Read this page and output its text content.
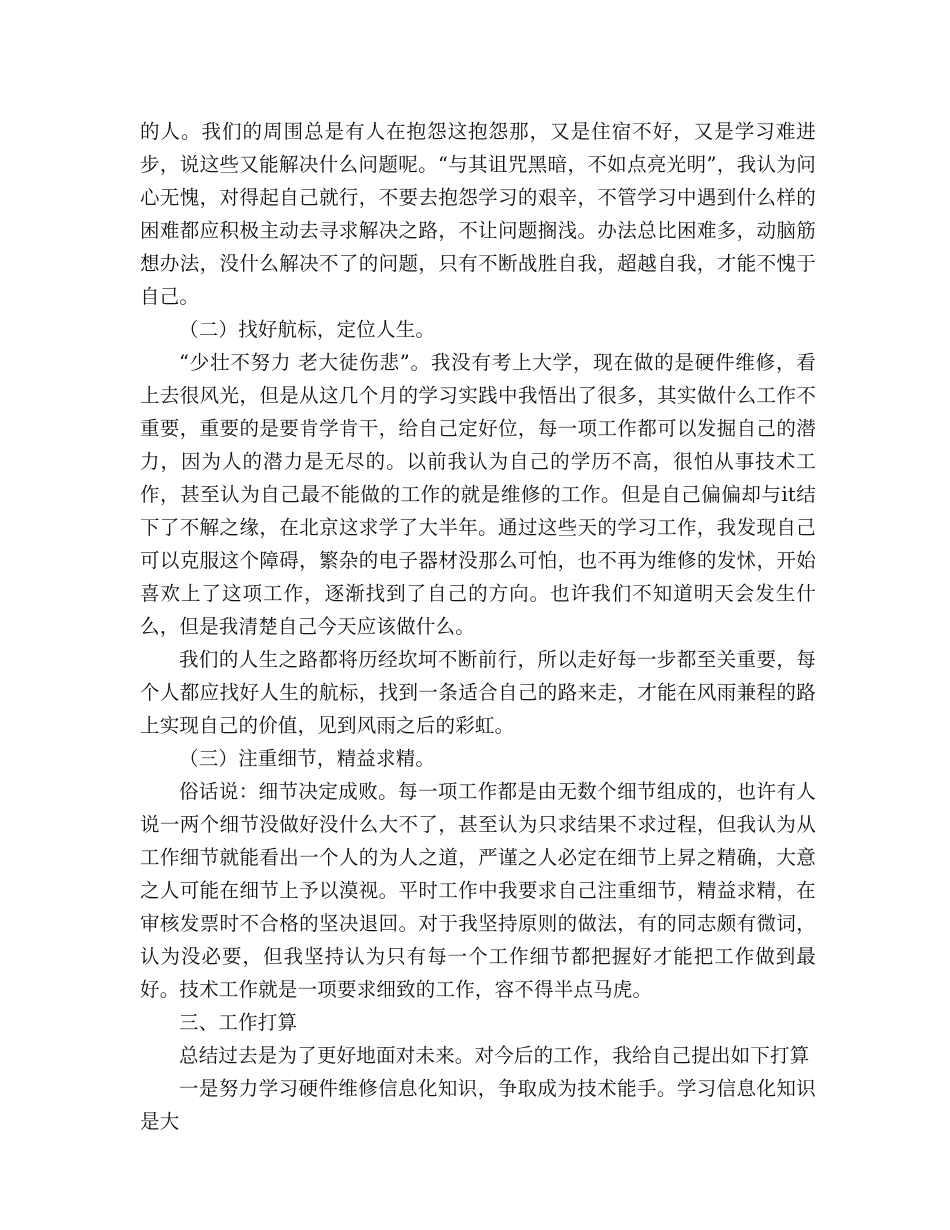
的人。我们的周围总是有人在抱怨这抱怨那，又是住宿不好，又是学习难进步，说这些又能解决什么问题呢。“与其诅咒黑暗，不如点亮光明”，我认为问心无愧，对得起自己就行，不要去抱怨学习的艰辛，不管学习中遇到什么样的困难都应积极主动去寻求解决之路，不让问题搁浅。办法总比困难多，动脑筋想办法，没什么解决不了的问题，只有不断战胜自我，超越自我，才能不愧于自己。

（二）找好航标，定位人生。

“少壮不努力 老大徒伤悲”。我没有考上大学，现在做的是硬件维修，看上去很风光，但是从这几个月的学习实践中我悟出了很多，其实做什么工作不重要，重要的是要肯学肯干，给自己定好位，每一项工作都可以发掘自己的潜力，因为人的潜力是无尽的。以前我认为自己的学历不高，很怕从事技术工作，甚至认为自己最不能做的工作的就是维修的工作。但是自己偏偏却与it结下了不解之缘，在北京这求学了大半年。通过这些天的学习工作，我发现自己可以克服这个障碍，繁杂的电子器材没那么可怕，也不再为维修的发怵，开始喜欢上了这项工作，逐渐找到了自己的方向。也许我们不知道明天会发生什么，但是我清楚自己今天应该做什么。

我们的人生之路都将历经坎坷不断前行，所以走好每一步都至关重要，每个人都应找好人生的航标，找到一条适合自己的路来走，才能在风雨兼程的路上实现自己的价值，见到风雨之后的彩虹。

（三）注重细节，精益求精。

俗话说：细节决定成败。每一项工作都是由无数个细节组成的，也许有人说一两个细节没做好没什么大不了，甚至认为只求结果不求过程，但我认为从工作细节就能看出一个人的为人之道，严谨之人必定在细节上昇之精确，大意之人可能在细节上予以漠视。平时工作中我要求自己注重细节，精益求精，在审核发票时不合格的坚决退回。对于我坚持原则的做法，有的同志颇有微词，认为没必要，但我坚持认为只有每一个工作细节都把握好才能把工作做到最好。技术工作就是一项要求细致的工作，容不得半点马虎。

三、工作打算

总结过去是为了更好地面对未来。对今后的工作，我给自己提出如下打算

一是努力学习硬件维修信息化知识，争取成为技术能手。学习信息化知识是大
